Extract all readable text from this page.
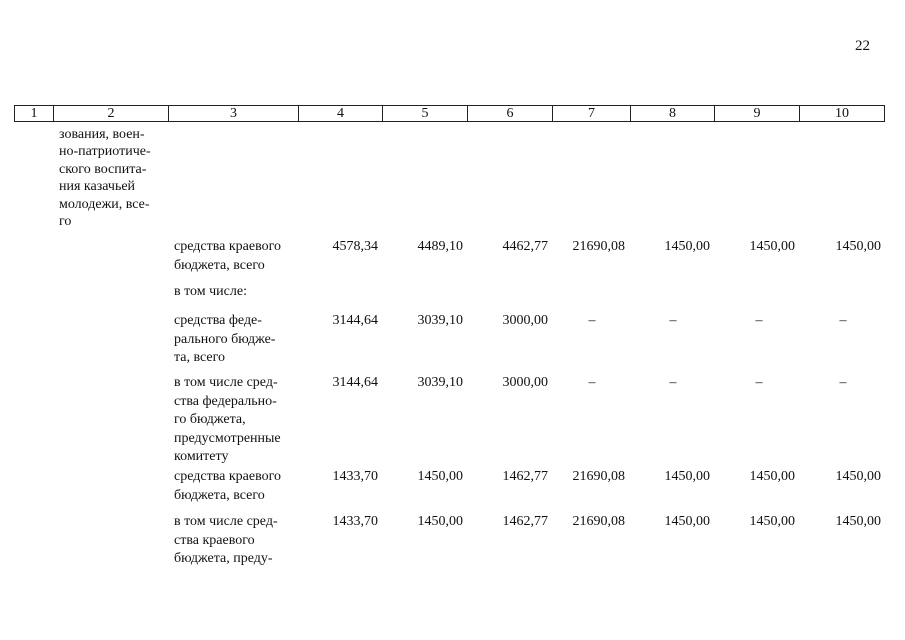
22
1	2	3	4	5	6	7	8	9	10
зования, воен-
но-патриотиче-
ского воспита-
ния казачьей
молодежи, все-
го
средства краевого
бюджета, всего
4578,34	4489,10	4462,77 21690,08	1450,00	1450,00	1450,00
в том числе:
средства феде-
рального бюдже-
та, всего
3144,64	3039,10	3000,00	–	–	–	–
в том числе сред-
ства федерально-
го бюджета,
предусмотренные
комитету
3144,64	3039,10	3000,00	–	–	–	–
средства краевого
бюджета, всего
1433,70	1450,00	1462,77 21690,08	1450,00	1450,00	1450,00
в том числе сред-
ства краевого
бюджета, преду-
1433,70	1450,00	1462,77 21690,08	1450,00	1450,00	1450,00
